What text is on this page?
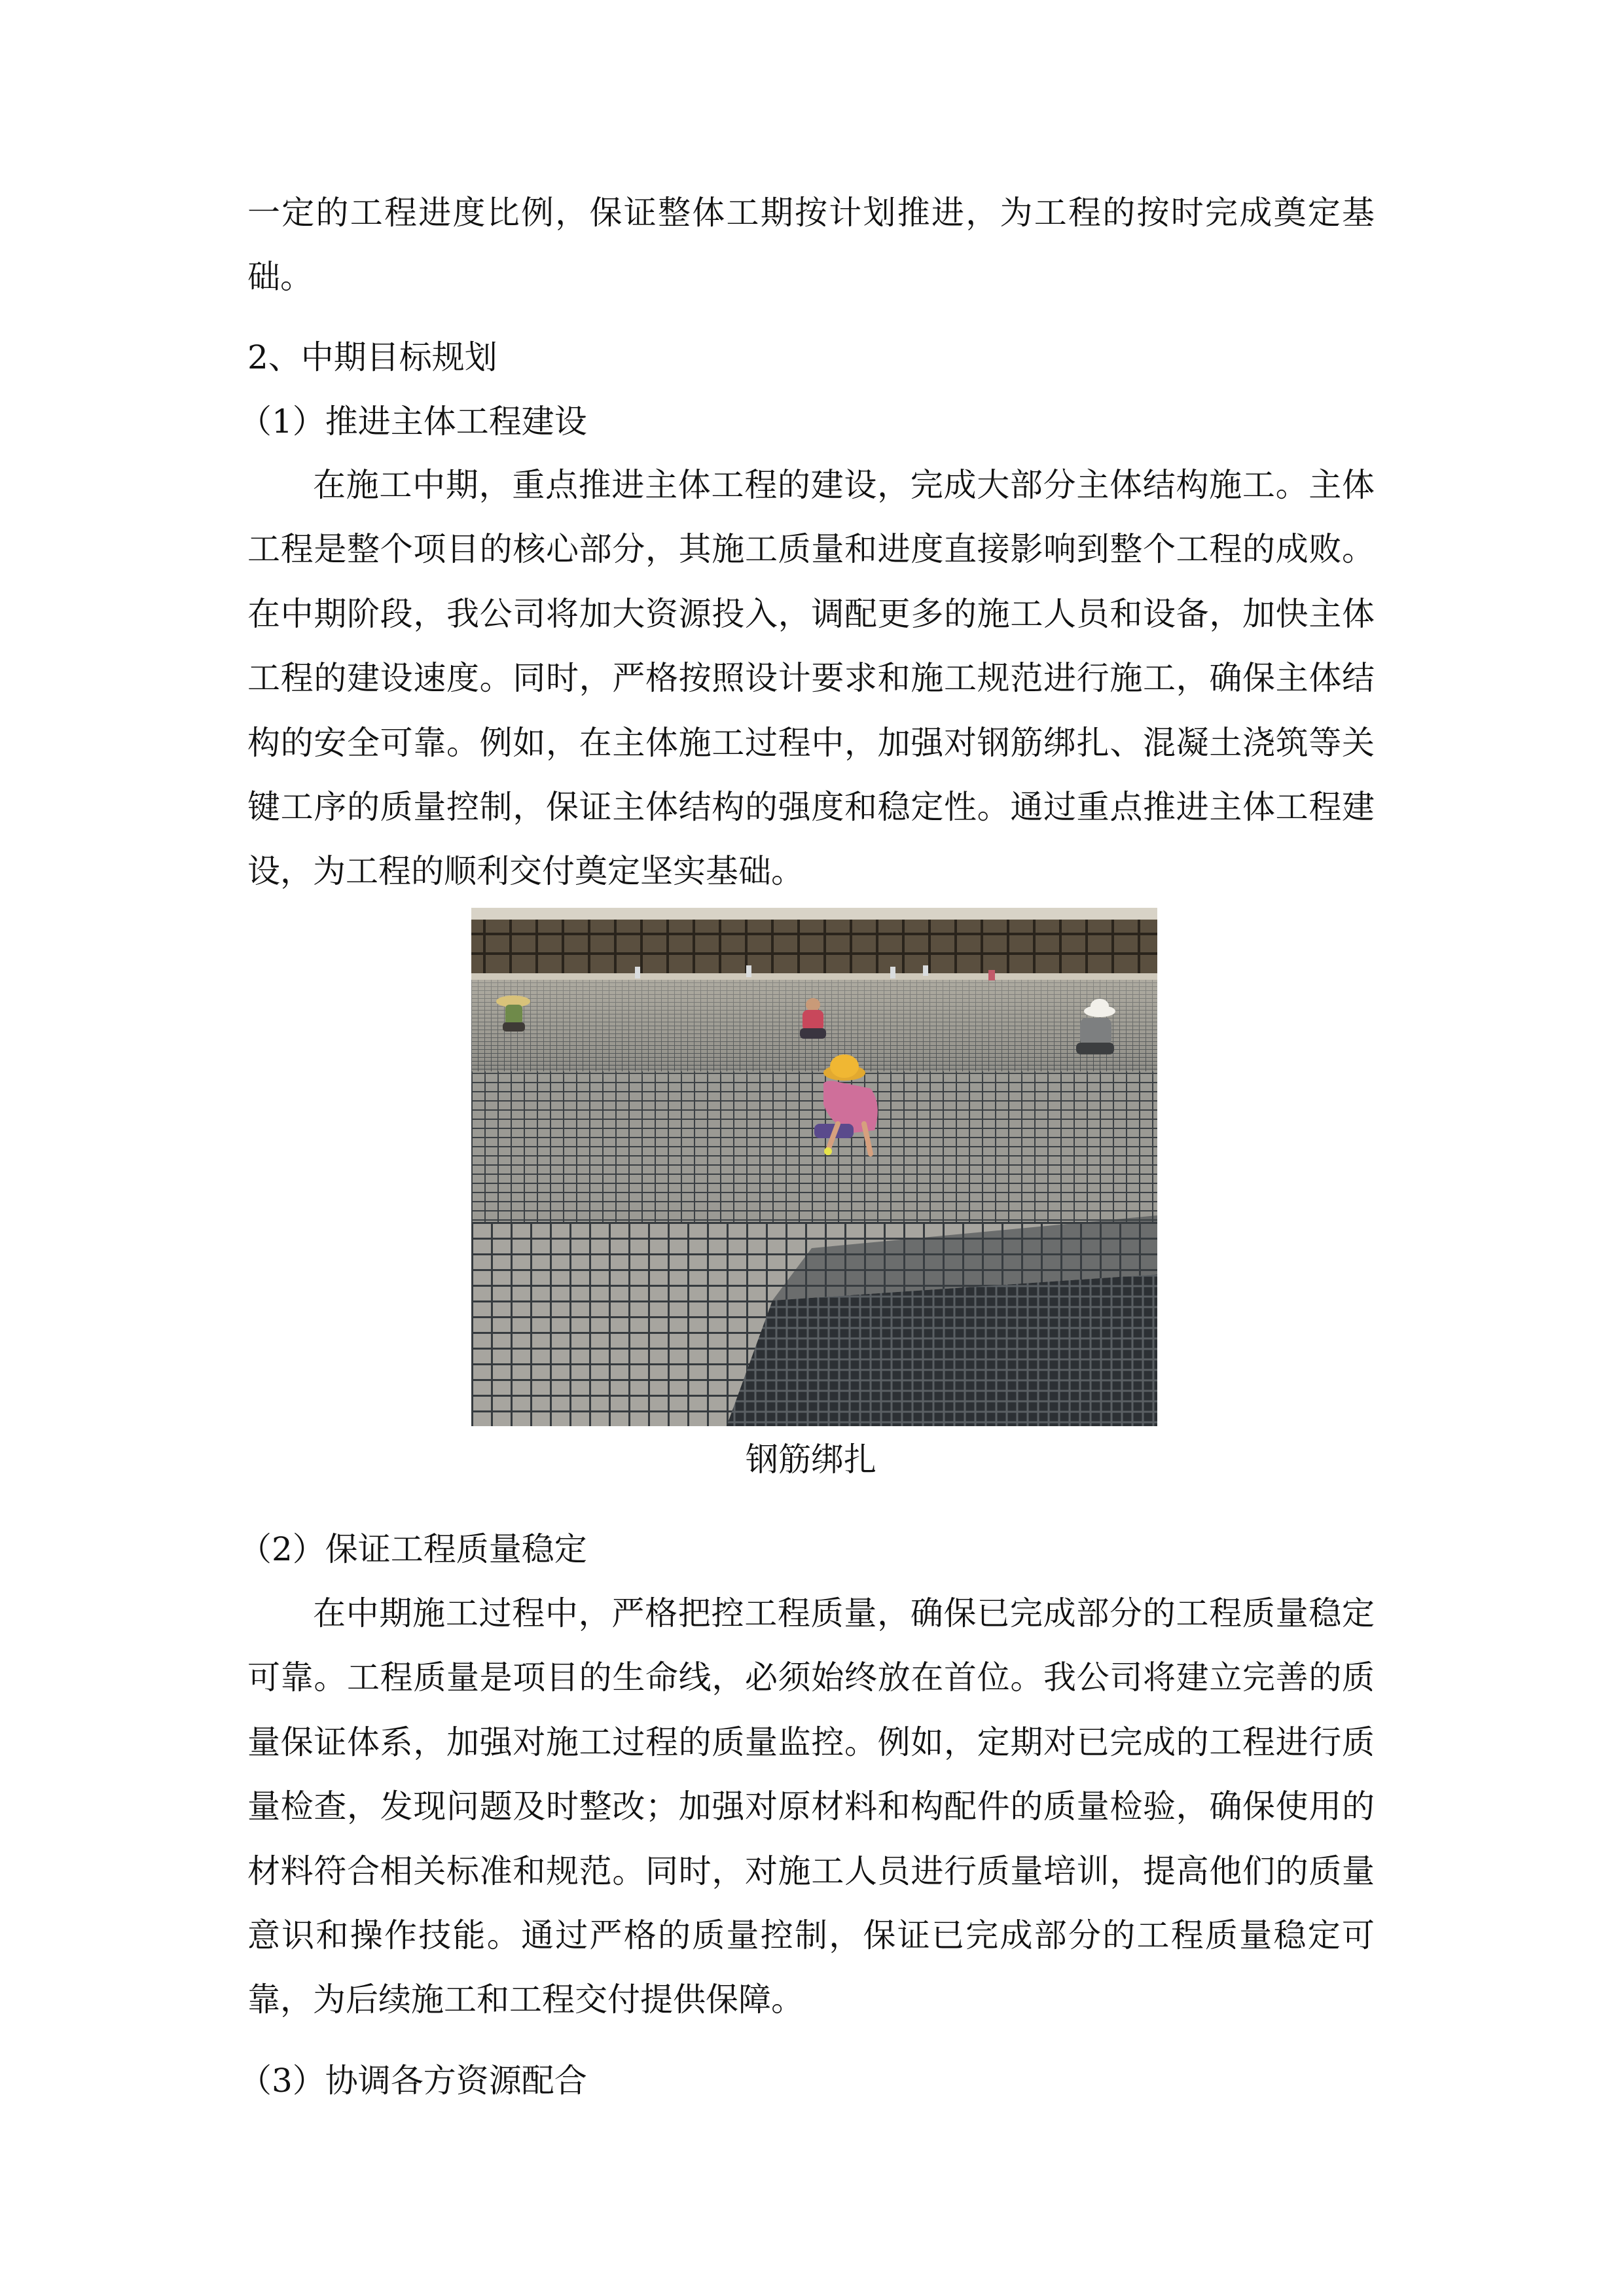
一定的工程进度比例，保证整体工期按计划推进，为工程的按时完成奠定基础。

2、中期目标规划

（1）推进主体工程建设

在施工中期，重点推进主体工程的建设，完成大部分主体结构施工。主体工程是整个项目的核心部分，其施工质量和进度直接影响到整个工程的成败。在中期阶段，我公司将加大资源投入，调配更多的施工人员和设备，加快主体工程的建设速度。同时，严格按照设计要求和施工规范进行施工，确保主体结构的安全可靠。例如，在主体施工过程中，加强对钢筋绑扎、混凝土浇筑等关键工序的质量控制，保证主体结构的强度和稳定性。通过重点推进主体工程建设，为工程的顺利交付奠定坚实基础。

钢筋绑扎

（2）保证工程质量稳定

在中期施工过程中，严格把控工程质量，确保已完成部分的工程质量稳定可靠。工程质量是项目的生命线，必须始终放在首位。我公司将建立完善的质量保证体系，加强对施工过程的质量监控。例如，定期对已完成的工程进行质量检查，发现问题及时整改；加强对原材料和构配件的质量检验，确保使用的材料符合相关标准和规范。同时，对施工人员进行质量培训，提高他们的质量意识和操作技能。通过严格的质量控制，保证已完成部分的工程质量稳定可靠，为后续施工和工程交付提供保障。

（3）协调各方资源配合
